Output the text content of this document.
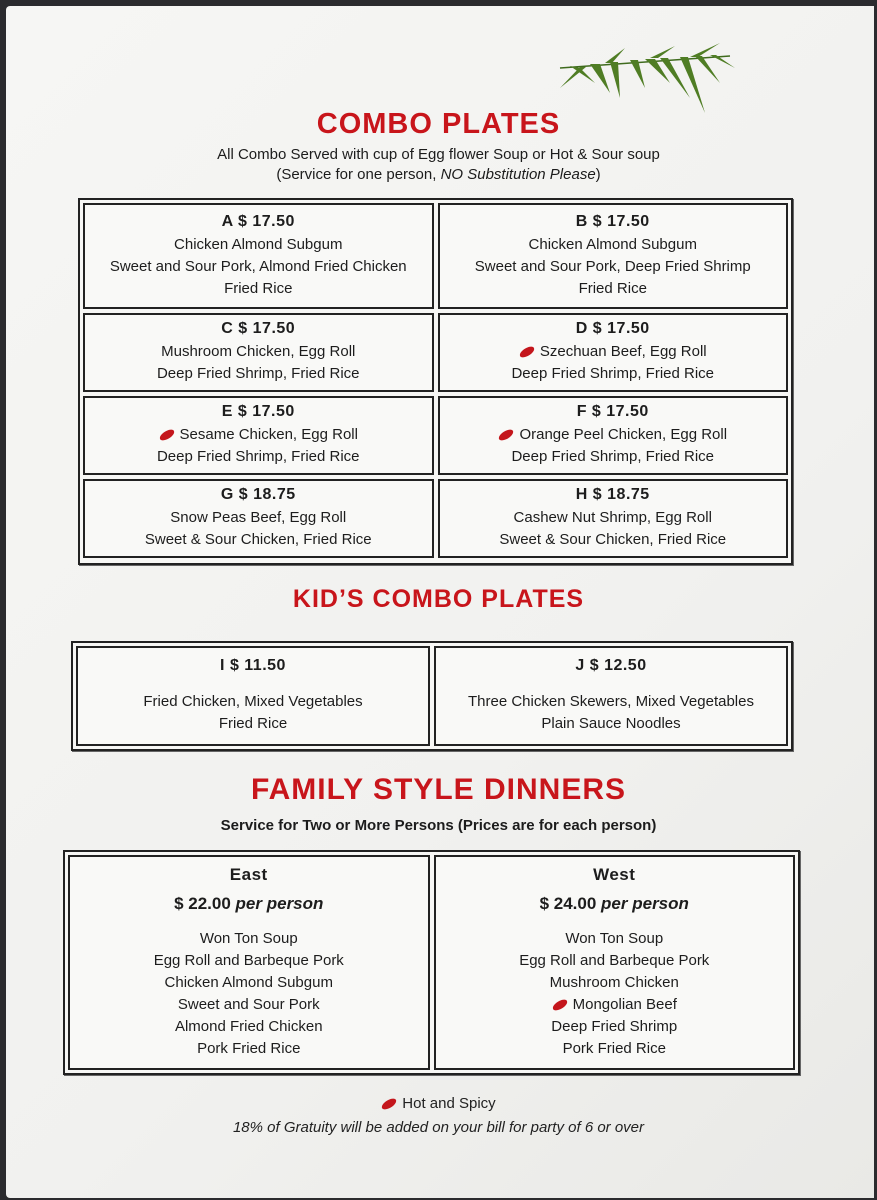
COMBO PLATES
All Combo Served with cup of Egg flower Soup or Hot & Sour soup
(Service for one person, NO Substitution Please)
A $ 17.50
Chicken Almond Subgum
Sweet and Sour Pork, Almond Fried Chicken
Fried Rice
B $ 17.50
Chicken Almond Subgum
Sweet and Sour Pork, Deep Fried Shrimp
Fried Rice
C $ 17.50
Mushroom Chicken, Egg Roll
Deep Fried Shrimp, Fried Rice
D $ 17.50
Szechuan Beef, Egg Roll
Deep Fried Shrimp, Fried Rice
E $ 17.50
Sesame Chicken, Egg Roll
Deep Fried Shrimp, Fried Rice
F $ 17.50
Orange Peel Chicken, Egg Roll
Deep Fried Shrimp, Fried Rice
G $ 18.75
Snow Peas Beef, Egg Roll
Sweet & Sour Chicken, Fried Rice
H $ 18.75
Cashew Nut Shrimp, Egg Roll
Sweet & Sour Chicken, Fried Rice
KID’S COMBO PLATES
I $ 11.50
Fried Chicken, Mixed Vegetables
Fried Rice
J $ 12.50
Three Chicken Skewers, Mixed Vegetables
Plain Sauce Noodles
FAMILY STYLE DINNERS
Service for Two or More Persons (Prices are for each person)
East
$ 22.00 per person
Won Ton Soup
Egg Roll and Barbeque Pork
Chicken Almond Subgum
Sweet and Sour Pork
Almond Fried Chicken
Pork Fried Rice
West
$ 24.00 per person
Won Ton Soup
Egg Roll and Barbeque Pork
Mushroom Chicken
Mongolian Beef
Deep Fried Shrimp
Pork Fried Rice
Hot and Spicy
18% of Gratuity will be added on your bill for party of 6 or over
